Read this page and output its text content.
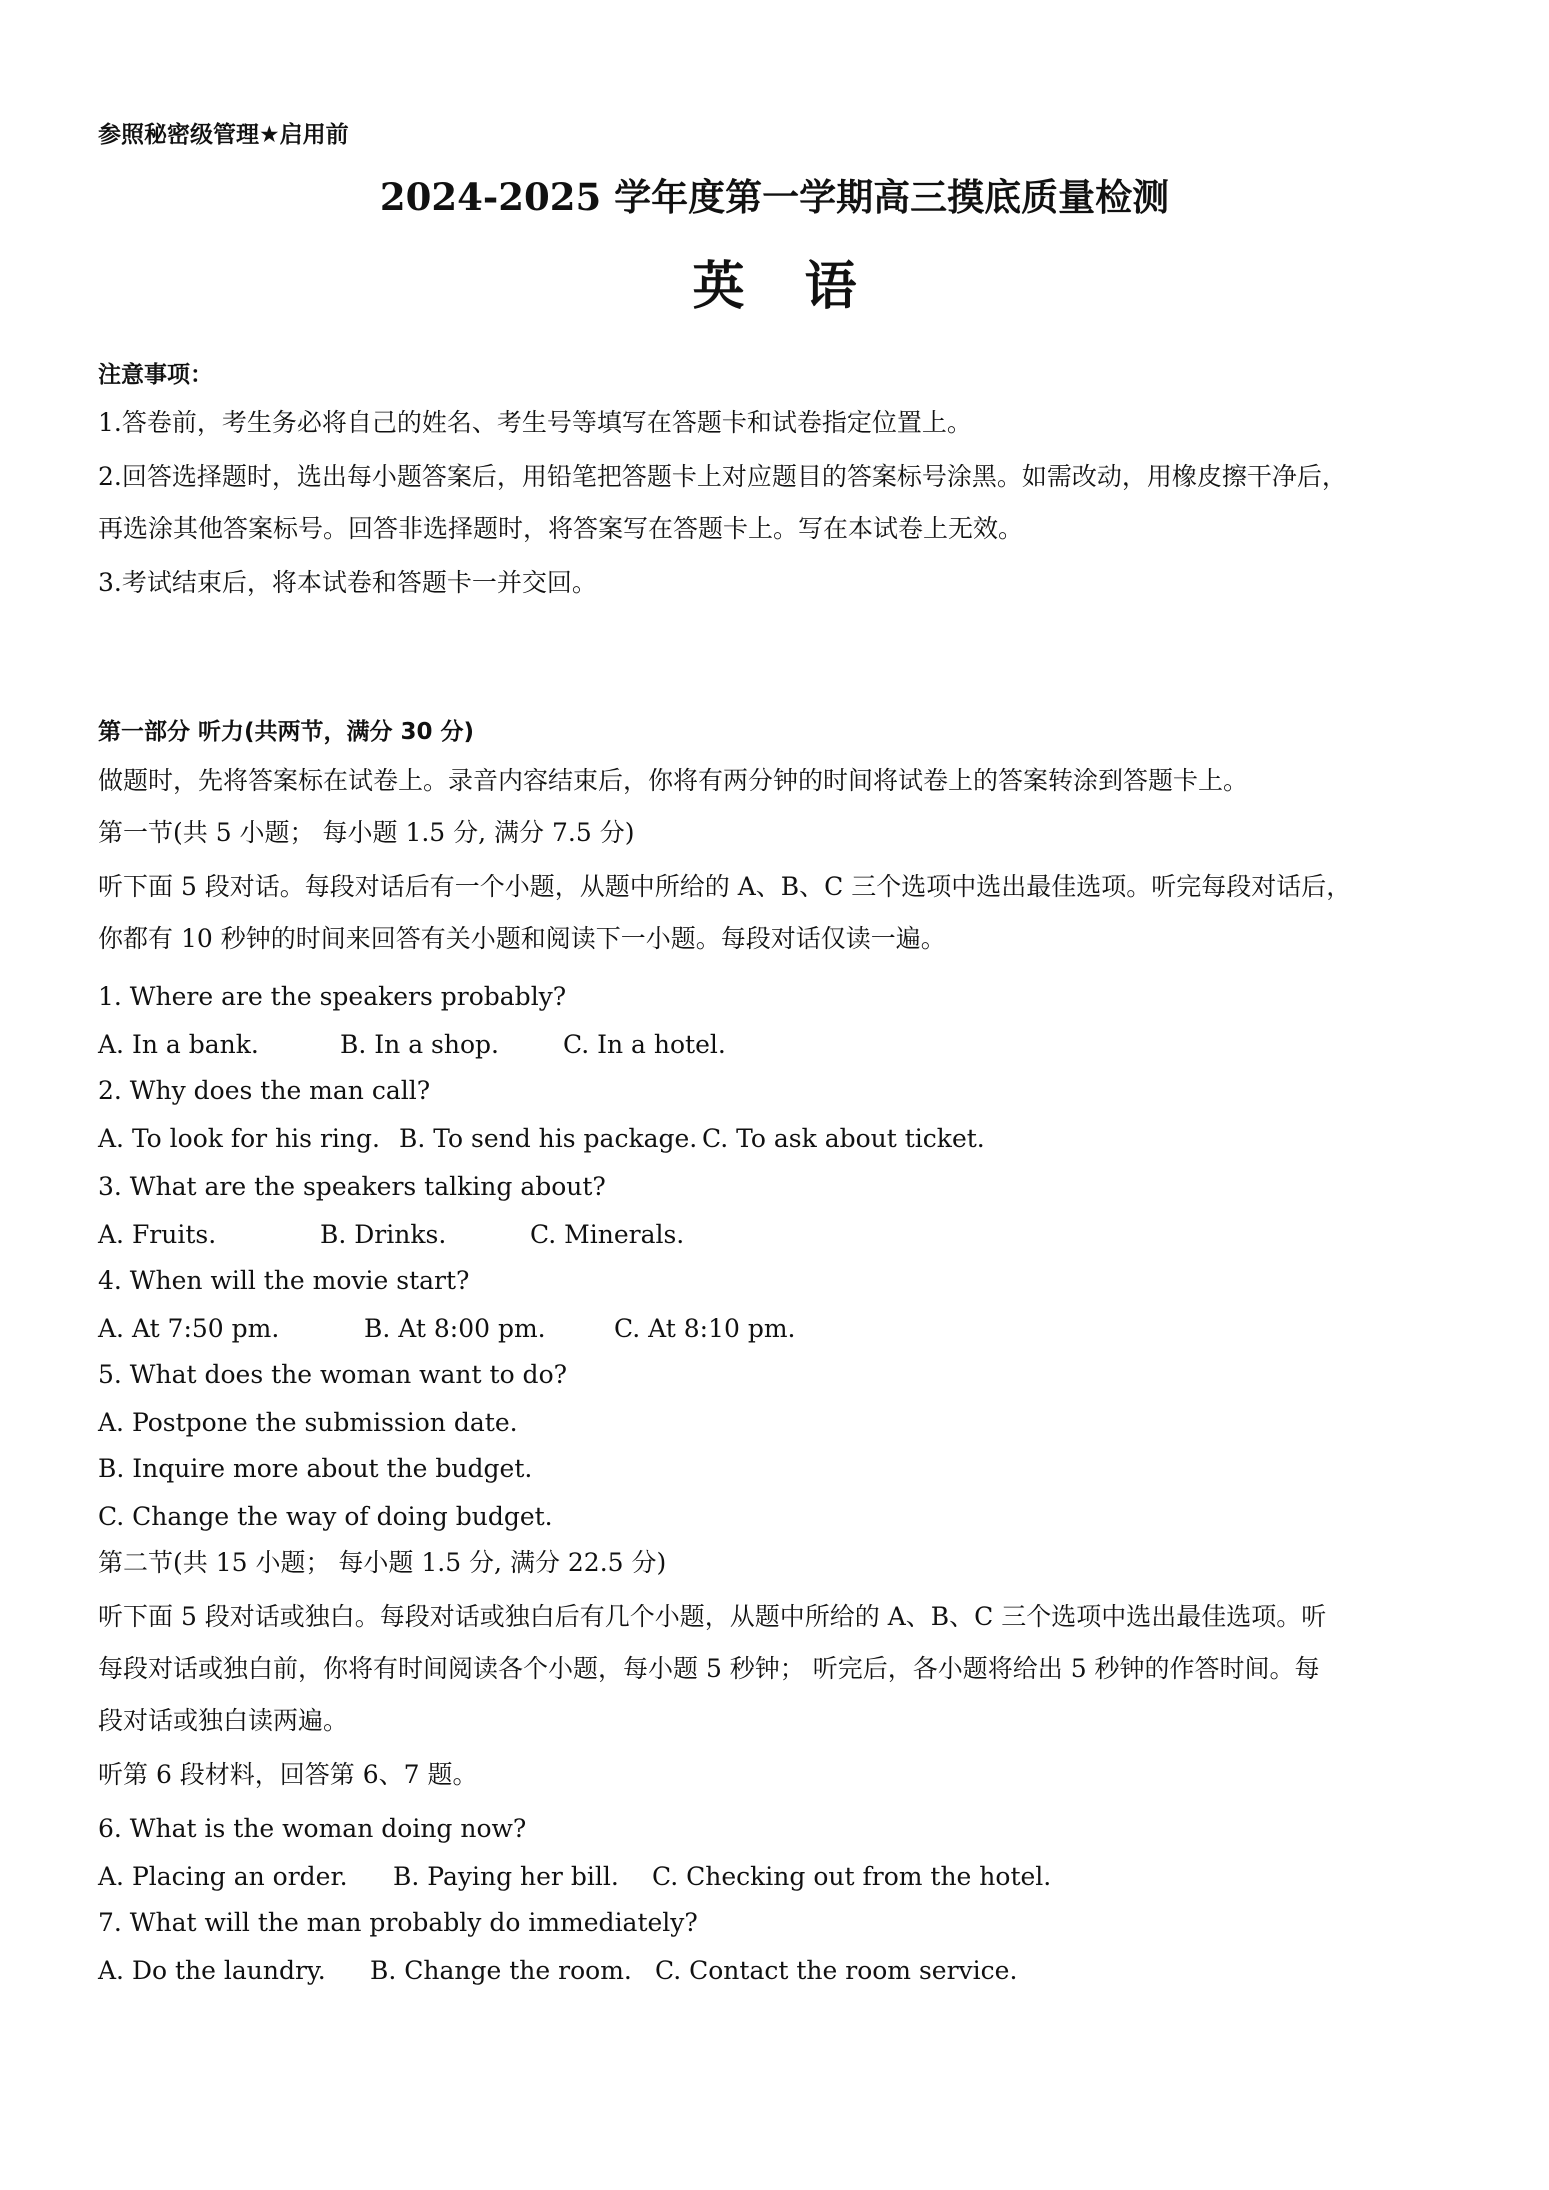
参照秘密级管理★启用前
2024-2025 学年度第一学期高三摸底质量检测
英语
注意事项：
1.答卷前，考生务必将自己的姓名、考生号等填写在答题卡和试卷指定位置上。
2.回答选择题时，选出每小题答案后，用铅笔把答题卡上对应题目的答案标号涂黑。如需改动，用橡皮擦干净后，
再选涂其他答案标号。回答非选择题时，将答案写在答题卡上。写在本试卷上无效。
3.考试结束后，将本试卷和答题卡一并交回。
第一部分 听力(共两节，满分 30 分)
做题时，先将答案标在试卷上。录音内容结束后，你将有两分钟的时间将试卷上的答案转涂到答题卡上。
第一节(共 5 小题； 每小题 1.5 分, 满分 7.5 分)
听下面 5 段对话。每段对话后有一个小题，从题中所给的 A、B、C 三个选项中选出最佳选项。听完每段对话后，
你都有 10 秒钟的时间来回答有关小题和阅读下一小题。每段对话仅读一遍。
1. Where are the speakers probably?
A. In a bank.	B. In a shop.	C. In a hotel.
2. Why does the man call?
A. To look for his ring. B. To send his package. C. To ask about ticket.
3. What are the speakers talking about?
A. Fruits.	B. Drinks.	C. Minerals.
4. When will the movie start?
A. At 7:50 pm.	B. At 8:00 pm.	C. At 8:10 pm.
5. What does the woman want to do?
A. Postpone the submission date.
B. Inquire more about the budget.
C. Change the way of doing budget.
第二节(共 15 小题； 每小题 1.5 分, 满分 22.5 分)
听下面 5 段对话或独白。每段对话或独白后有几个小题，从题中所给的 A、B、C 三个选项中选出最佳选项。听
每段对话或独白前，你将有时间阅读各个小题，每小题 5 秒钟； 听完后，各小题将给出 5 秒钟的作答时间。每
段对话或独白读两遍。
听第 6 段材料，回答第 6、7 题。
6. What is the woman doing now?
A. Placing an order. B. Paying her bill. C. Checking out from the hotel.
7. What will the man probably do immediately?
A. Do the laundry. B. Change the room. C. Contact the room service.
